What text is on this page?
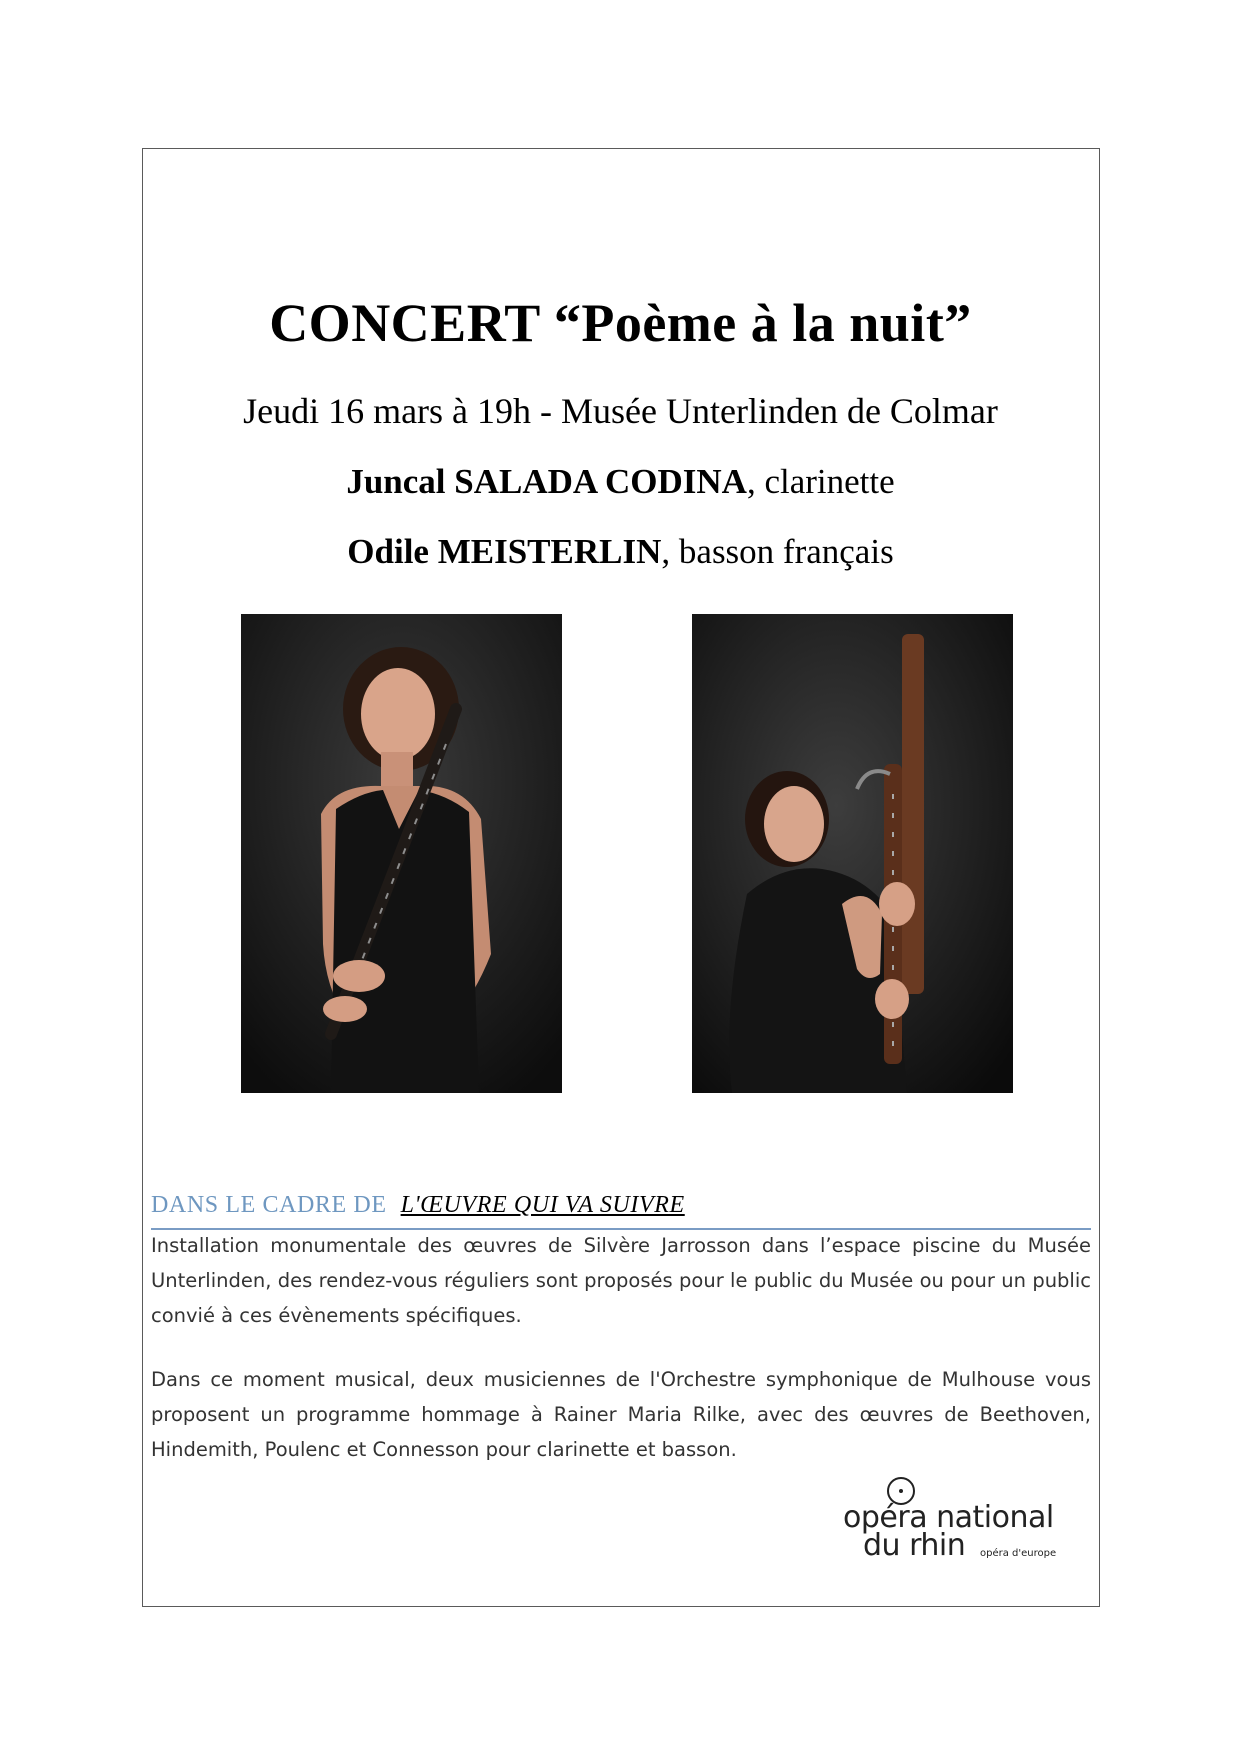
CONCERT “Poème à la nuit”
Jeudi 16 mars à 19h - Musée Unterlinden de Colmar
Juncal SALADA CODINA, clarinette
Odile MEISTERLIN, basson français
DANS LE CADRE DE L'ŒUVRE QUI VA SUIVRE

Installation monumentale des œuvres de Silvère Jarrosson dans l’espace piscine du Musée Unterlinden, des rendez-vous réguliers sont proposés pour le public du Musée ou pour un public convié à ces évènements spécifiques.

Dans ce moment musical, deux musiciennes de l'Orchestre symphonique de Mulhouse vous proposent un programme hommage à Rainer Maria Rilke, avec des œuvres de Beethoven, Hindemith, Poulenc et Connesson pour clarinette et basson.

opéra national
du rhin opéra d'europe
